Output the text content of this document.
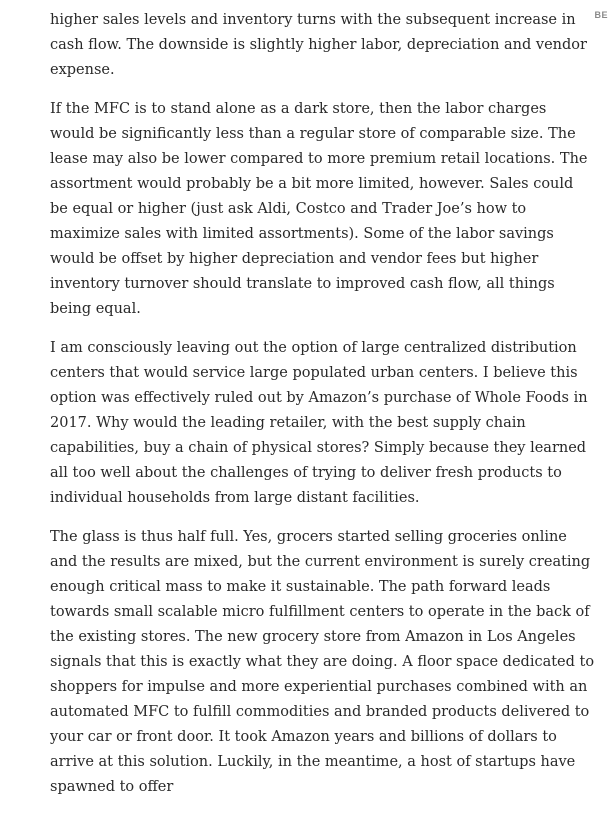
BE

higher sales levels and inventory turns with the subsequent increase in cash flow. The downside is slightly higher labor, depreciation and vendor expense.

If the MFC is to stand alone as a dark store, then the labor charges would be significantly less than a regular store of comparable size. The lease may also be lower compared to more premium retail locations. The assortment would probably be a bit more limited, however. Sales could be equal or higher (just ask Aldi, Costco and Trader Joe’s how to maximize sales with limited assortments). Some of the labor savings would be offset by higher depreciation and vendor fees but higher inventory turnover should translate to improved cash flow, all things being equal.

I am consciously leaving out the option of large centralized distribution centers that would service large populated urban centers. I believe this option was effectively ruled out by Amazon’s purchase of Whole Foods in 2017. Why would the leading retailer, with the best supply chain capabilities, buy a chain of physical stores? Simply because they learned all too well about the challenges of trying to deliver fresh products to individual households from large distant facilities.

The glass is thus half full. Yes, grocers started selling groceries online and the results are mixed, but the current environment is surely creating enough critical mass to make it sustainable. The path forward leads towards small scalable micro fulfillment centers to operate in the back of the existing stores. The new grocery store from Amazon in Los Angeles signals that this is exactly what they are doing. A floor space dedicated to shoppers for impulse and more experiential purchases combined with an automated MFC to fulfill commodities and branded products delivered to your car or front door. It took Amazon years and billions of dollars to arrive at this solution. Luckily, in the meantime, a host of startups have spawned to offer
